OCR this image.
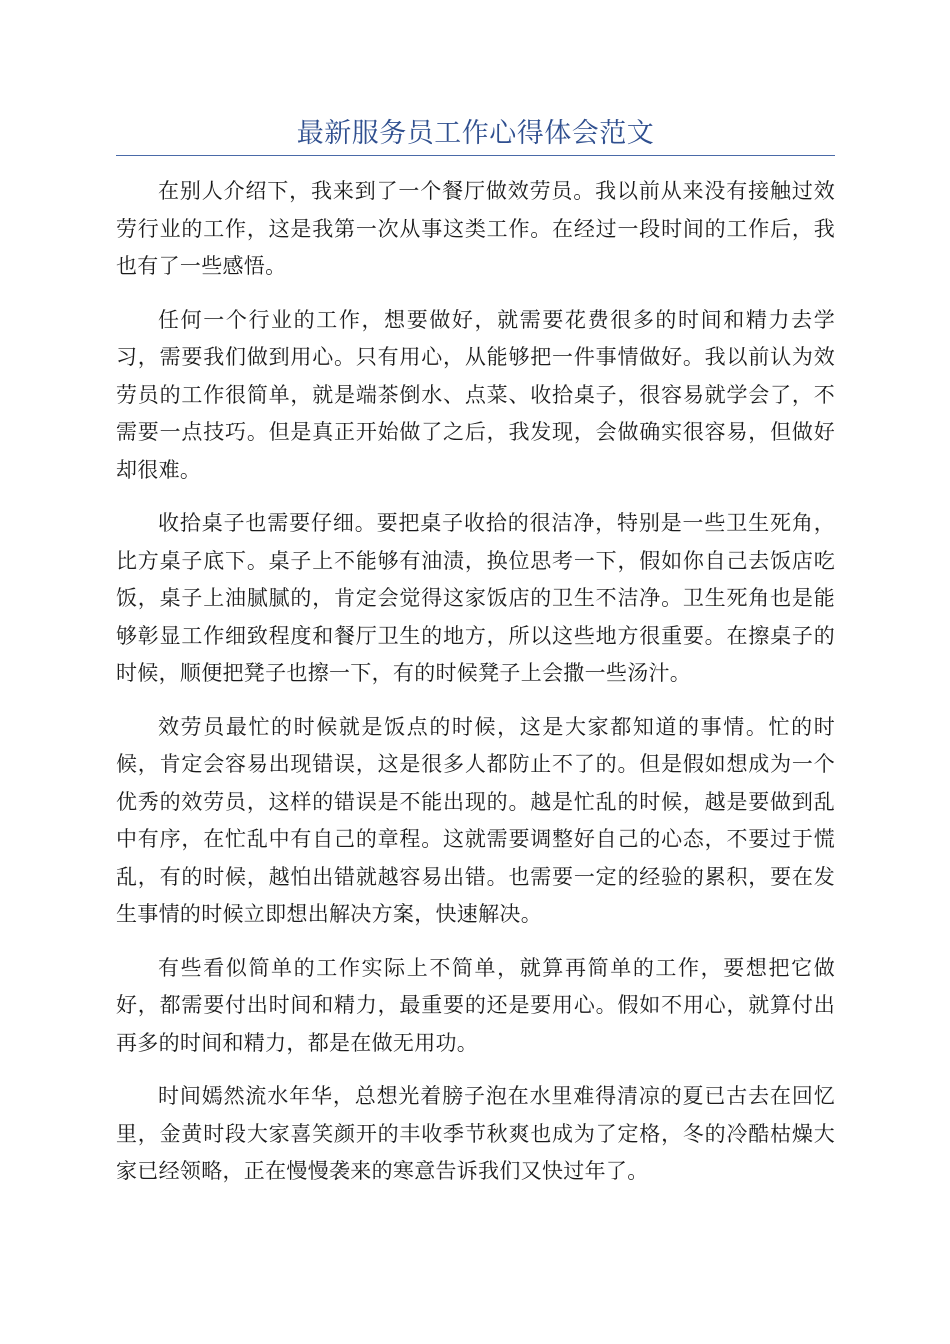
最新服务员工作心得体会范文

在别人介绍下，我来到了一个餐厅做效劳员。我以前从来没有接触过效劳行业的工作，这是我第一次从事这类工作。在经过一段时间的工作后，我也有了一些感悟。

任何一个行业的工作，想要做好，就需要花费很多的时间和精力去学习，需要我们做到用心。只有用心，从能够把一件事情做好。我以前认为效劳员的工作很简单，就是端茶倒水、点菜、收拾桌子，很容易就学会了，不需要一点技巧。但是真正开始做了之后，我发现，会做确实很容易，但做好却很难。

收拾桌子也需要仔细。要把桌子收拾的很洁净，特别是一些卫生死角，比方桌子底下。桌子上不能够有油渍，换位思考一下，假如你自己去饭店吃饭，桌子上油腻腻的，肯定会觉得这家饭店的卫生不洁净。卫生死角也是能够彰显工作细致程度和餐厅卫生的地方，所以这些地方很重要。在擦桌子的时候，顺便把凳子也擦一下，有的时候凳子上会撒一些汤汁。

效劳员最忙的时候就是饭点的时候，这是大家都知道的事情。忙的时候，肯定会容易出现错误，这是很多人都防止不了的。但是假如想成为一个优秀的效劳员，这样的错误是不能出现的。越是忙乱的时候，越是要做到乱中有序，在忙乱中有自己的章程。这就需要调整好自己的心态，不要过于慌乱，有的时候，越怕出错就越容易出错。也需要一定的经验的累积，要在发生事情的时候立即想出解决方案，快速解决。

有些看似简单的工作实际上不简单，就算再简单的工作，要想把它做好，都需要付出时间和精力，最重要的还是要用心。假如不用心，就算付出再多的时间和精力，都是在做无用功。

时间嫣然流水年华，总想光着膀子泡在水里难得清凉的夏已古去在回忆里，金黄时段大家喜笑颜开的丰收季节秋爽也成为了定格，冬的冷酷枯燥大家已经领略，正在慢慢袭来的寒意告诉我们又快过年了。
